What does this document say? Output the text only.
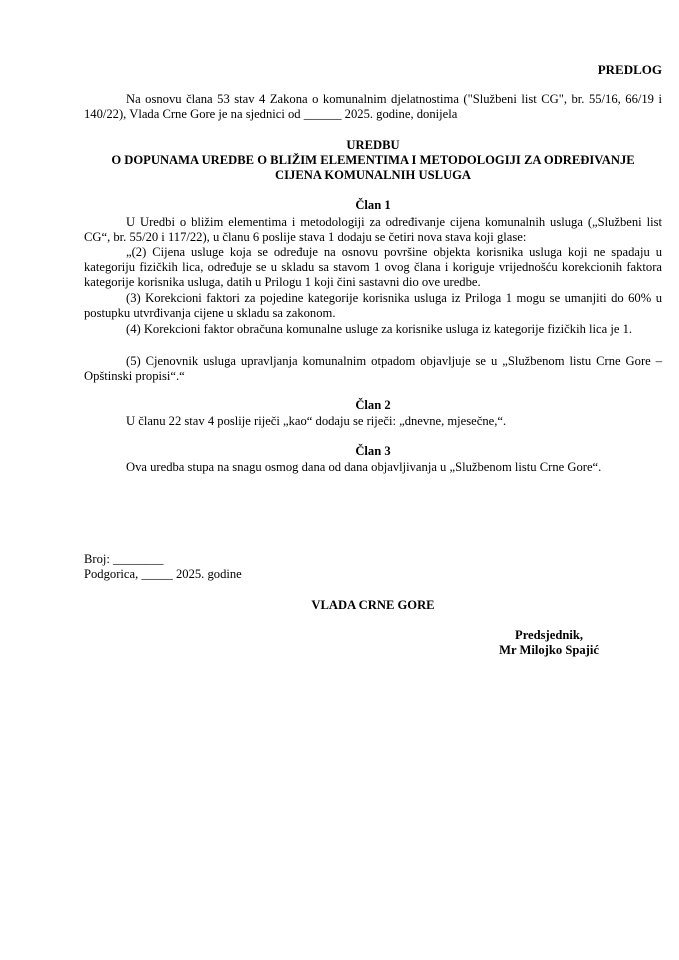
PREDLOG

Na osnovu člana 53 stav 4 Zakona o komunalnim djelatnostima ("Službeni list CG", br. 55/16, 66/19 i 140/22), Vlada Crne Gore je na sjednici od ______ 2025. godine, donijela

UREDBU
O DOPUNAMA UREDBE O BLIŽIM ELEMENTIMA I METODOLOGIJI ZA ODREĐIVANJE
CIJENA KOMUNALNIH USLUGA
Član 1

U Uredbi o bližim elementima i metodologiji za određivanje cijena komunalnih usluga („Službeni list CG“, br. 55/20 i 117/22), u članu 6 poslije stava 1 dodaju se četiri nova stava koji glase:

„(2) Cijena usluge koja se određuje na osnovu površine objekta korisnika usluga koji ne spadaju u kategoriju fizičkih lica, određuje se u skladu sa stavom 1 ovog člana i koriguje vrijednošću korekcionih faktora kategorije korisnika usluga, datih u Prilogu 1 koji čini sastavni dio ove uredbe.

(3) Korekcioni faktori za pojedine kategorije korisnika usluga iz Priloga 1 mogu se umanjiti do 60% u postupku utvrđivanja cijene u skladu sa zakonom.

(4) Korekcioni faktor obračuna komunalne usluge za korisnike usluga iz kategorije fizičkih lica je 1.

(5) Cjenovnik usluga upravljanja komunalnim otpadom objavljuje se u „Službenom listu Crne Gore – Opštinski propisi“.“

Član 2

U članu 22 stav 4 poslije riječi „kao“ dodaju se riječi: „dnevne, mjesečne,“.

Član 3

Ova uredba stupa na snagu osmog dana od dana objavljivanja u „Službenom listu Crne Gore“.

Broj: ________

Podgorica, _____ 2025. godine

VLADA CRNE GORE
Predsjednik,
Mr Milojko Spajić
